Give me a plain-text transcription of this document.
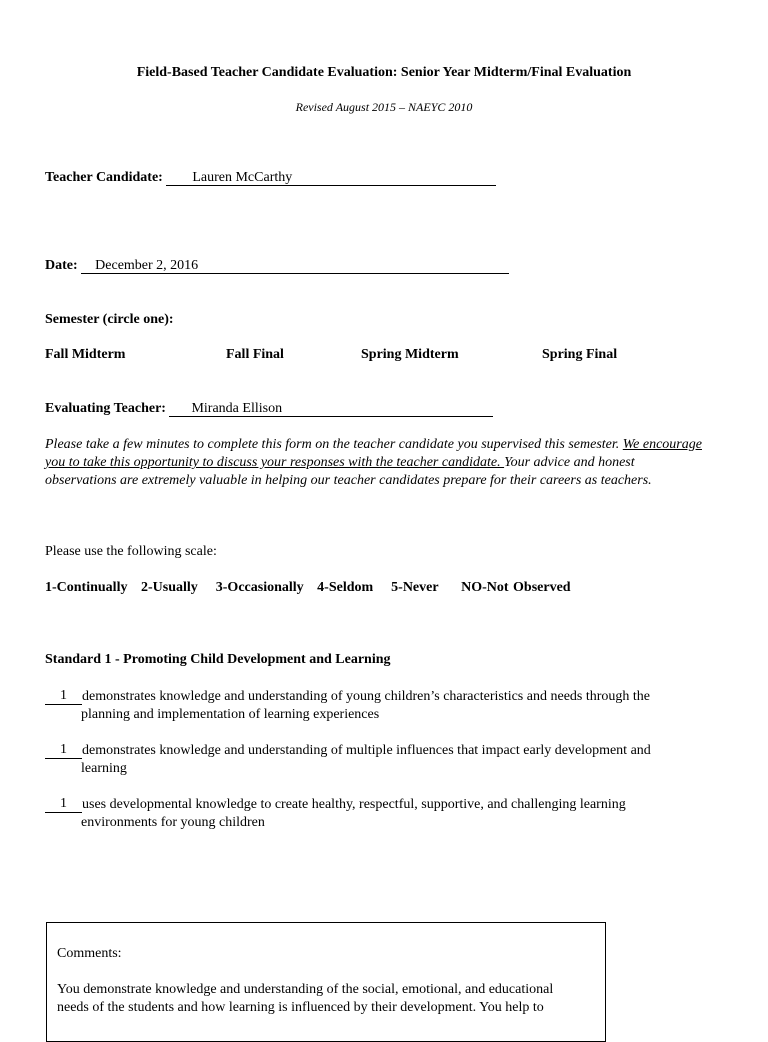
Field-Based Teacher Candidate Evaluation: Senior Year Midterm/Final Evaluation
Revised August 2015 – NAEYC 2010
Teacher Candidate: Lauren McCarthy
Date: December 2, 2016
Semester (circle one):
Fall Midterm	Fall Final	Spring Midterm	Spring Final
Evaluating Teacher: Miranda Ellison
Please take a few minutes to complete this form on the teacher candidate you supervised this semester. We encourage you to take this opportunity to discuss your responses with the teacher candidate. Your advice and honest observations are extremely valuable in helping our teacher candidates prepare for their careers as teachers.
Please use the following scale:
1-Continually 2-Usually 3-Occasionally 4-Seldom 5-Never NO-Not Observed
Standard 1 - Promoting Child Development and Learning
1	demonstrates knowledge and understanding of young children’s characteristics and needs through the
planning and implementation of learning experiences
1	demonstrates knowledge and understanding of multiple influences that impact early development and
learning
1	uses developmental knowledge to create healthy, respectful, supportive, and challenging learning
environments for young children
Comments:
You demonstrate knowledge and understanding of the social, emotional, and educational
needs of the students and how learning is influenced by their development. You help to
